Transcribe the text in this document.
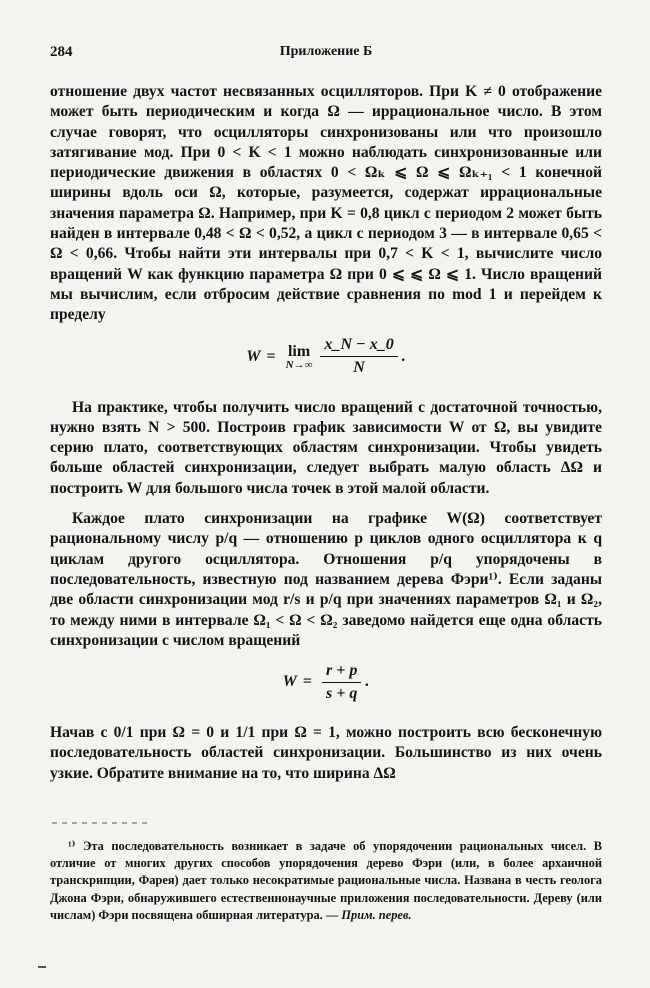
284	Приложение Б

отношение двух частот несвязанных осцилляторов. При K ≠ 0 отображение может быть периодическим и когда Ω — иррациональное число. В этом случае говорят, что осцилляторы синхронизованы или что произошло затягивание мод. При 0 < K < 1 можно наблюдать синхронизованные или периодические движения в областях 0 < Ωₖ ⩽ Ω ⩽ Ωₖ₊₁ < 1 конечной ширины вдоль оси Ω, которые, разумеется, содержат иррациональные значения параметра Ω. Например, при K = 0,8 цикл с периодом 2 может быть найден в интервале 0,48 < Ω < 0,52, а цикл с периодом 3 — в интервале 0,65 < Ω < 0,66. Чтобы найти эти интервалы при 0,7 < K < 1, вычислите число вращений W как функцию параметра Ω при 0 ⩽ ⩽ Ω ⩽ 1. Число вращений мы вычислим, если отбросим действие сравнения по mod 1 и перейдем к пределу

W = lim
$N\to\infty \frac{x\_N - x\_0}{N}$ .

На практике, чтобы получить число вращений с достаточной точностью, нужно взять N > 500. Построив график зависимости W от Ω, вы увидите серию плато, соответствующих областям синхронизации. Чтобы увидеть больше областей синхронизации, следует выбрать малую область ΔΩ и построить W для большого числа точек в этой малой области.

Каждое плато синхронизации на графике W(Ω) соответствует рациональному числу p/q — отношению p циклов одного осциллятора к q циклам другого осциллятора. Отношения p/q упорядочены в последовательность, известную под названием дерева Фэри¹⁾. Если заданы две области синхронизации мод r/s и p/q при значениях параметров Ω₁ и Ω₂, то между ними в интервале Ω₁ < Ω < Ω₂ заведомо найдется еще одна область синхронизации с числом вращений

$W = \frac{r + p}{s + q}$ .

Начав с 0/1 при Ω = 0 и 1/1 при Ω = 1, можно построить всю бесконечную последовательность областей синхронизации. Большинство из них очень узкие. Обратите внимание на то, что ширина ΔΩ

¹⁾ Эта последовательность возникает в задаче об упорядочении рациональных чисел. В отличие от многих других способов упорядочения дерево Фэри (или, в более архаичной транскрипции, Фарея) дает только несократимые рациональные числа. Названа в честь геолога Джона Фэри, обнаружившего естественнонаучные приложения последовательности. Дереву (или числам) Фэри посвящена обширная литература. — Прим. перев.
